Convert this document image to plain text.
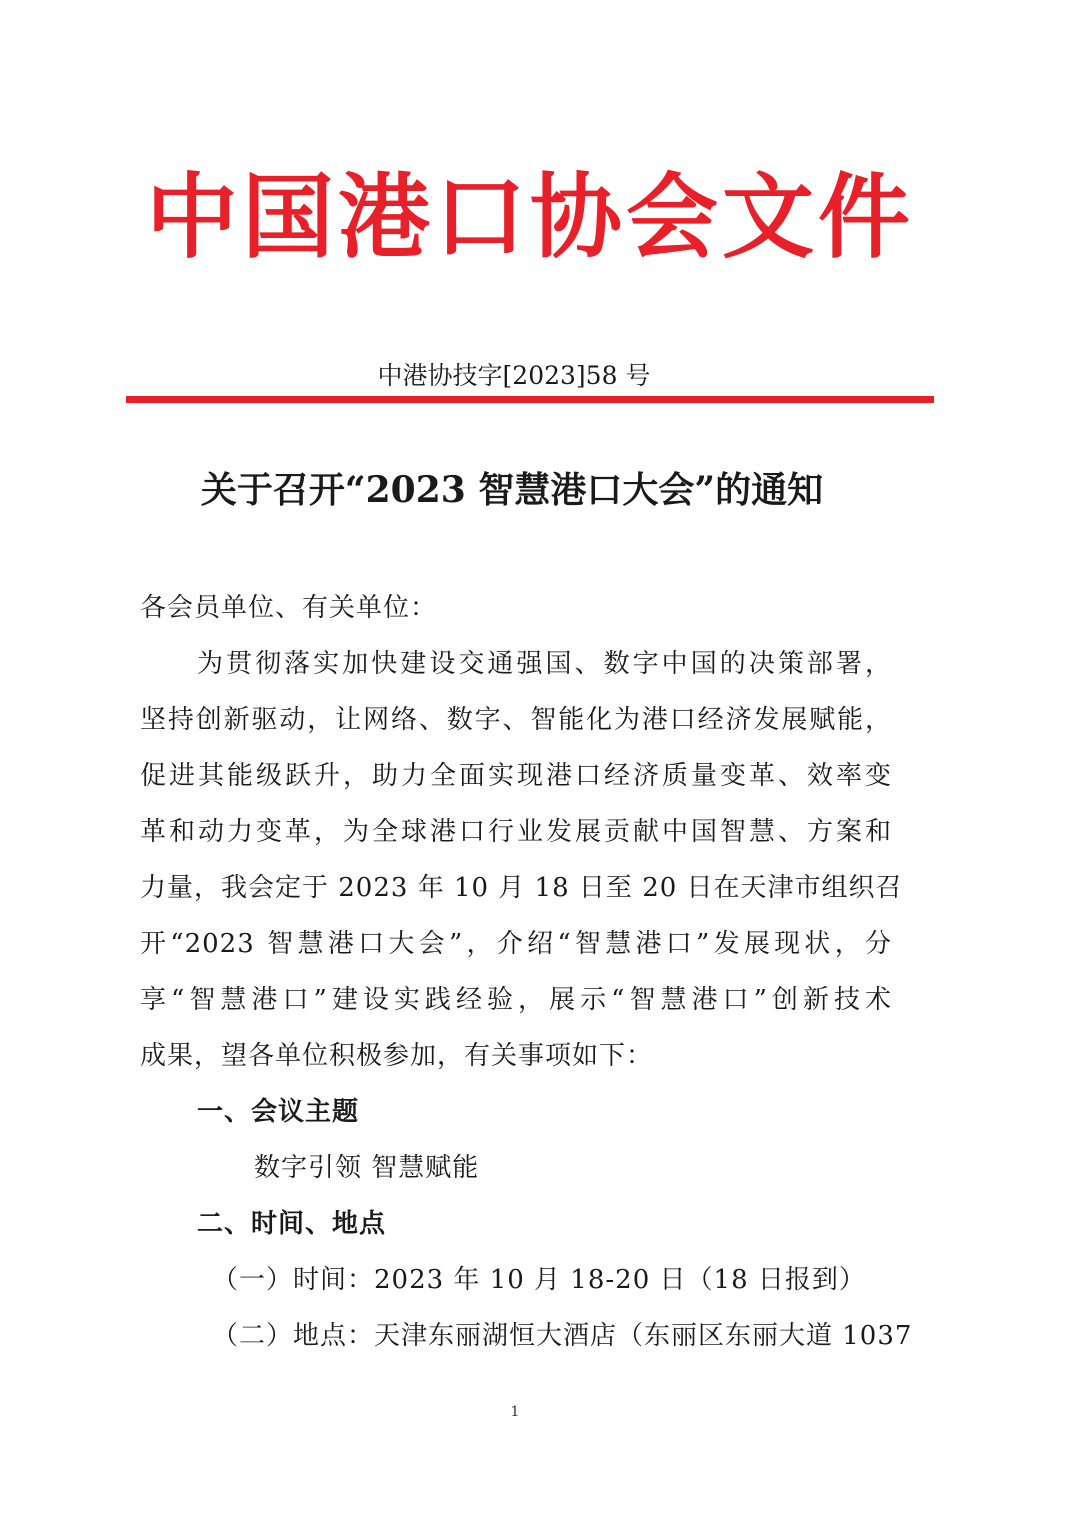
中国港口协会文件
中港协技字[2023]58 号
关于召开“2023 智慧港口大会”的通知
各会员单位、有关单位：
为贯彻落实加快建设交通强国、数字中国的决策部署，
坚持创新驱动，让网络、数字、智能化为港口经济发展赋能，
促进其能级跃升，助力全面实现港口经济质量变革、效率变
革和动力变革，为全球港口行业发展贡献中国智慧、方案和
力量，我会定于 2023 年 10 月 18 日至 20 日在天津市组织召
开“2023 智慧港口大会”，介绍“智慧港口”发展现状，分
享“智慧港口”建设实践经验，展示“智慧港口”创新技术
成果，望各单位积极参加，有关事项如下：
一、会议主题
数字引领 智慧赋能
二、时间、地点
（一）时间：2023 年 10 月 18-20 日（18 日报到）
（二）地点：天津东丽湖恒大酒店（东丽区东丽大道 1037
1
